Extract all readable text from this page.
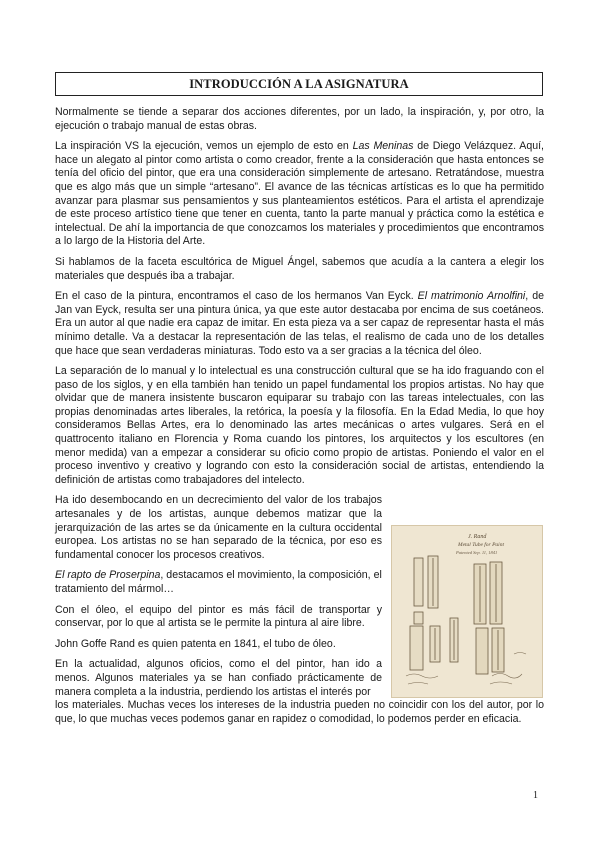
INTRODUCCIÓN A LA ASIGNATURA

Normalmente se tiende a separar dos acciones diferentes, por un lado, la inspiración, y, por otro, la ejecución o trabajo manual de estas obras.

La inspiración VS la ejecución, vemos un ejemplo de esto en Las Meninas de Diego Velázquez. Aquí, hace un alegato al pintor como artista o como creador, frente a la consideración que hasta entonces se tenía del oficio del pintor, que era una consideración simplemente de artesano. Retratándose, muestra que es algo más que un simple “artesano”. El avance de las técnicas artísticas es lo que ha permitido avanzar para plasmar sus pensamientos y sus planteamientos estéticos. Para el artista el aprendizaje de este proceso artístico tiene que tener en cuenta, tanto la parte manual y práctica como la estética e intelectual. De ahí la importancia de que conozcamos los materiales y procedimientos que encontramos a lo largo de la Historia del Arte.

Si hablamos de la faceta escultórica de Miguel Ángel, sabemos que acudía a la cantera a elegir los materiales que después iba a trabajar.

En el caso de la pintura, encontramos el caso de los hermanos Van Eyck. El matrimonio Arnolfini, de Jan van Eyck, resulta ser una pintura única, ya que este autor destacaba por encima de sus coetáneos. Era un autor al que nadie era capaz de imitar. En esta pieza va a ser capaz de representar hasta el más mínimo detalle. Va a destacar la representación de las telas, el realismo de cada uno de los detalles que hace que sean verdaderas miniaturas. Todo esto va a ser gracias a la técnica del óleo.

La separación de lo manual y lo intelectual es una construcción cultural que se ha ido fraguando con el paso de los siglos, y en ella también han tenido un papel fundamental los propios artistas. No hay que olvidar que de manera insistente buscaron equiparar su trabajo con las tareas intelectuales, con las propias denominadas artes liberales, la retórica, la poesía y la filosofía. En la Edad Media, lo que hoy consideramos Bellas Artes, era lo denominado las artes mecánicas o artes vulgares. Será en el quattrocento italiano en Florencia y Roma cuando los pintores, los arquitectos y los escultores (en menor medida) van a empezar a considerar su oficio como propio de artistas. Poniendo el valor en el proceso inventivo y creativo y logrando con esto la consideración social de artistas, entendiendo la definición de artistas como trabajadores del intelecto.

Ha ido desembocando en un decrecimiento del valor de los trabajos artesanales y de los artistas, aunque debemos matizar que la jerarquización de las artes se da únicamente en la cultura occidental europea. Los artistas no se han separado de la técnica, por eso es fundamental conocer los procesos creativos.

El rapto de Proserpina, destacamos el movimiento, la composición, el tratamiento del mármol…

Con el óleo, el equipo del pintor es más fácil de transportar y conservar, por lo que al artista se le permite la pintura al aire libre.

John Goffe Rand es quien patenta en 1841, el tubo de óleo.

En la actualidad, algunos oficios, como el del pintor, han ido a menos. Algunos materiales ya se han confiado prácticamente de manera completa a la industria, perdiendo los artistas el interés por

los materiales. Muchas veces los intereses de la industria pueden no coincidir con los del autor, por lo que, lo que muchas veces podemos ganar en rapidez o comodidad, lo podemos perder en eficacia.

J. Rand
Metal Tube for Paint
Patented Sep. 11, 1841
1
